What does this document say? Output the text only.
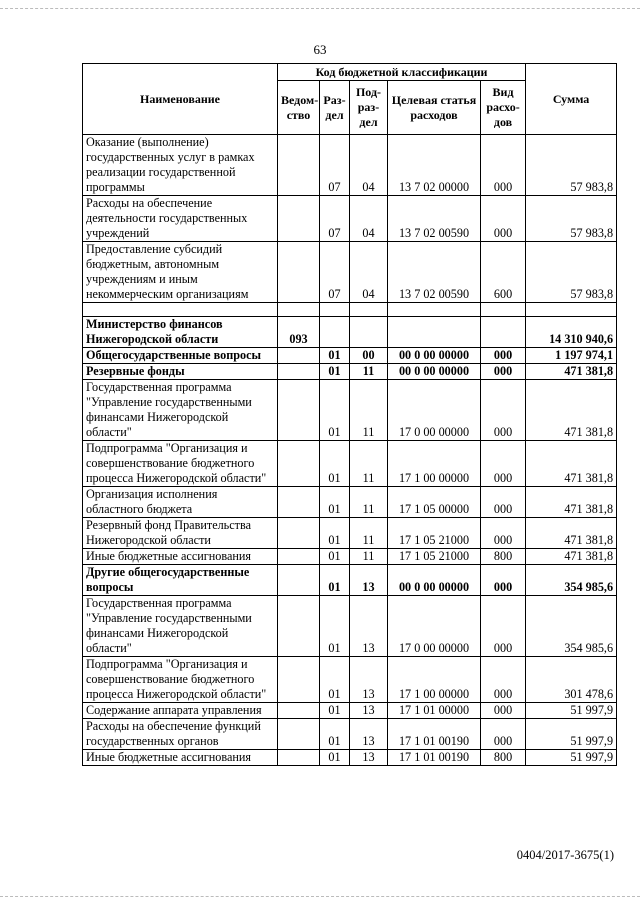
63
Наименование	Код бюджетной классификации					Сумма
	Ведом-ство	Раз-дел	Под-раз-дел	Целевая статья расходов	Вид расхо-дов	
Оказание (выполнение) государственных услуг в рамках реализации государственной программы		07	04	13 7 02 00000	000	57 983,8
Расходы на обеспечение деятельности государственных учреждений		07	04	13 7 02 00590	000	57 983,8
Предоставление субсидий бюджетным, автономным учреждениям и иным некоммерческим организациям		07	04	13 7 02 00590	600	57 983,8

Министерство финансов Нижегородской области	093					14 310 940,6
Общегосударственные вопросы		01	00	00 0 00 00000	000	1 197 974,1
Резервные фонды		01	11	00 0 00 00000	000	471 381,8
Государственная программа "Управление государственными финансами Нижегородской области"		01	11	17 0 00 00000	000	471 381,8
Подпрограмма "Организация и совершенствование бюджетного процесса Нижегородской области"		01	11	17 1 00 00000	000	471 381,8
Организация исполнения областного бюджета		01	11	17 1 05 00000	000	471 381,8
Резервный фонд Правительства Нижегородской области		01	11	17 1 05 21000	000	471 381,8
Иные бюджетные ассигнования		01	11	17 1 05 21000	800	471 381,8
Другие общегосударственные вопросы		01	13	00 0 00 00000	000	354 985,6
Государственная программа "Управление государственными финансами Нижегородской области"		01	13	17 0 00 00000	000	354 985,6
Подпрограмма "Организация и совершенствование бюджетного процесса Нижегородской области"		01	13	17 1 00 00000	000	301 478,6
Содержание аппарата управления		01	13	17 1 01 00000	000	51 997,9
Расходы на обеспечение функций государственных органов		01	13	17 1 01 00190	000	51 997,9
Иные бюджетные ассигнования		01	13	17 1 01 00190	800	51 997,9
0404/2017-3675(1)
